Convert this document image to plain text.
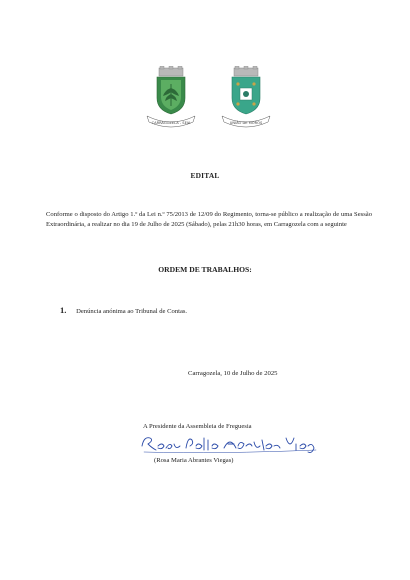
CARRAGOZELA - SEIA	UNIÃO DE MOROS
EDITAL
Conforme o disposto do Artigo 1.º da Lei n.º 75/2013 de 12/09 do Regimento, torna-se público a realização de uma Sessão Extraordinária, a realizar no dia 19 de Julho de 2025 (Sábado), pelas 21h30 horas, em Carragozela com a seguinte
ORDEM DE TRABALHOS:
1. Denúncia anónima ao Tribunal de Contas.
Carragozela, 10 de Julho de 2025
A Presidente da Assembleia de Freguesia
(Rosa Maria Abrantes Viegas)
